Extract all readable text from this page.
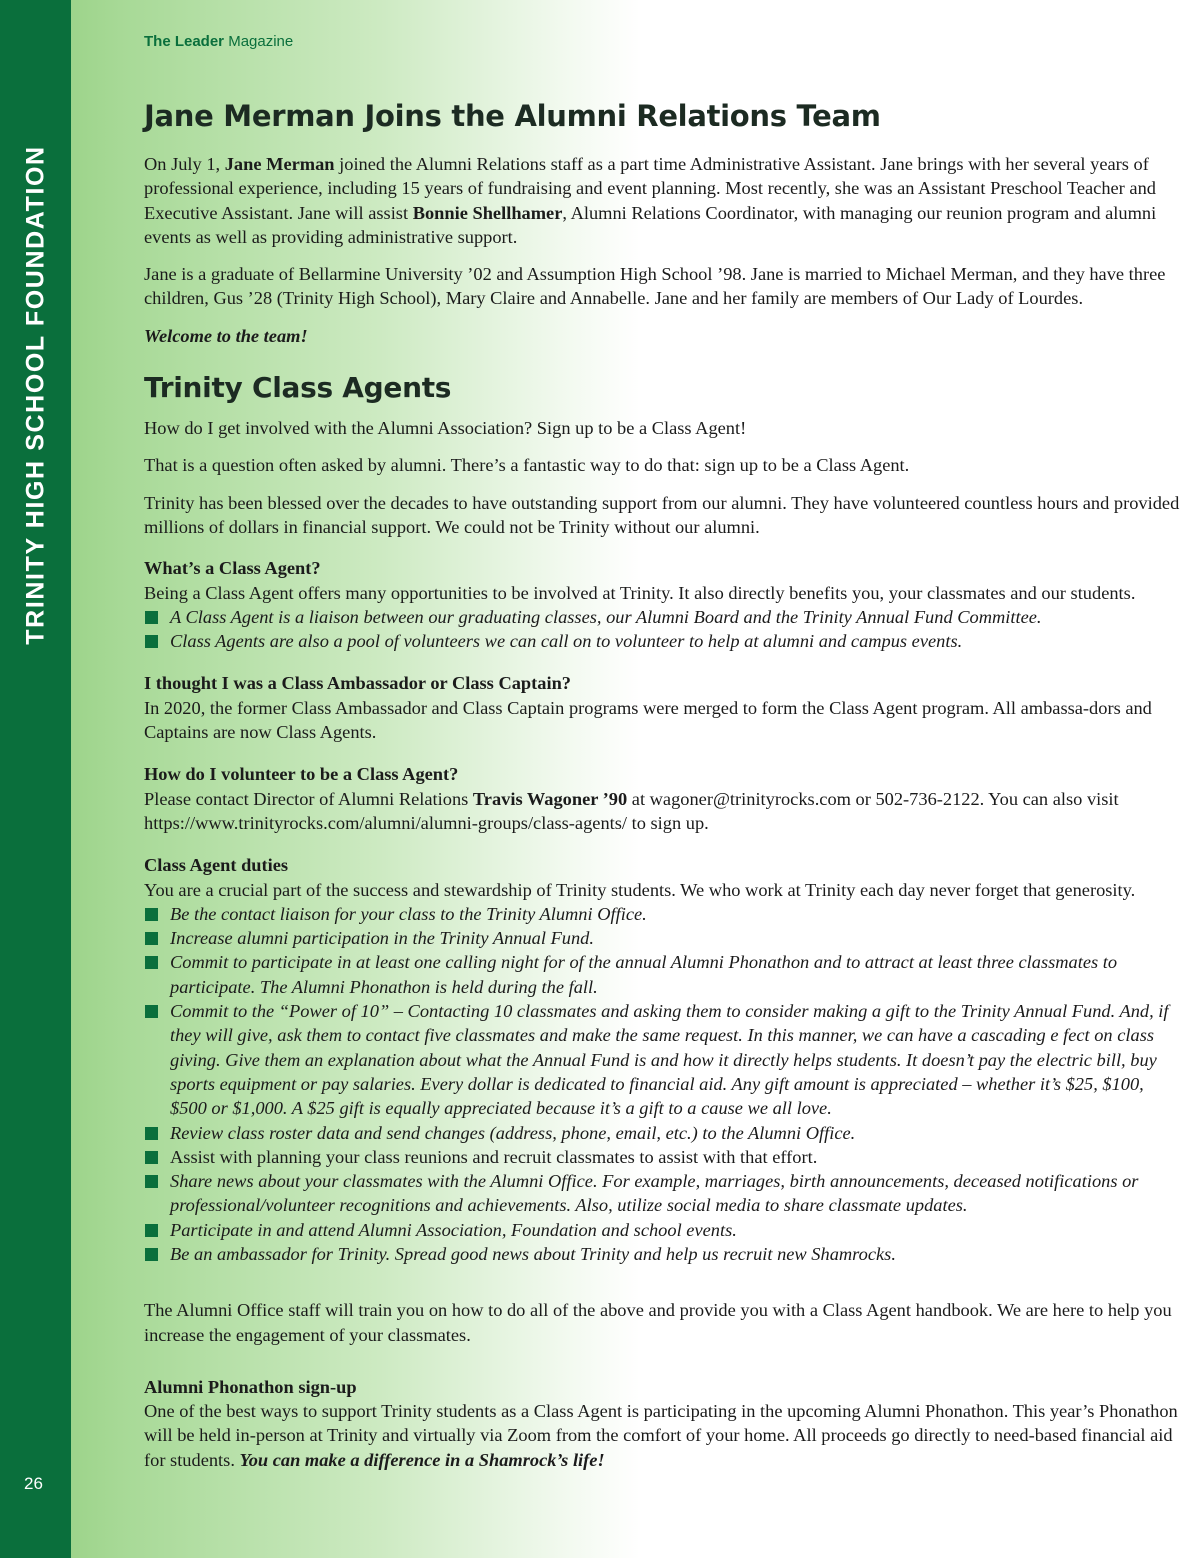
TRINITY HIGH SCHOOL FOUNDATION
26
The Leader Magazine
Jane Merman Joins the Alumni Relations Team

On July 1, Jane Merman joined the Alumni Relations staff as a part time Administrative Assistant. Jane brings with her several years of professional experience, including 15 years of fundraising and event planning. Most recently, she was an Assistant Preschool Teacher and Executive Assistant. Jane will assist Bonnie Shellhamer, Alumni Relations Coordinator, with managing our reunion program and alumni events as well as providing administrative support.

Jane is a graduate of Bellarmine University ’02 and Assumption High School ’98. Jane is married to Michael Merman, and they have three children, Gus ’28 (Trinity High School), Mary Claire and Annabelle. Jane and her family are members of Our Lady of Lourdes.

Welcome to the team!

Trinity Class Agents

How do I get involved with the Alumni Association? Sign up to be a Class Agent!

That is a question often asked by alumni. There’s a fantastic way to do that: sign up to be a Class Agent.

Trinity has been blessed over the decades to have outstanding support from our alumni. They have volunteered countless hours and provided millions of dollars in financial support. We could not be Trinity without our alumni.

What’s a Class Agent?
Being a Class Agent offers many opportunities to be involved at Trinity. It also directly benefits you, your classmates and our students.
A Class Agent is a liaison between our graduating classes, our Alumni Board and the Trinity Annual Fund Committee.
Class Agents are also a pool of volunteers we can call on to volunteer to help at alumni and campus events.
I thought I was a Class Ambassador or Class Captain?
In 2020, the former Class Ambassador and Class Captain programs were merged to form the Class Agent program. All ambassa-dors and Captains are now Class Agents.
How do I volunteer to be a Class Agent?
Please contact Director of Alumni Relations Travis Wagoner ’90 at wagoner@trinityrocks.com or 502-736-2122. You can also visit https://www.trinityrocks.com/alumni/alumni-groups/class-agents/ to sign up.
Class Agent duties
You are a crucial part of the success and stewardship of Trinity students. We who work at Trinity each day never forget that generosity.
Be the contact liaison for your class to the Trinity Alumni Office.
Increase alumni participation in the Trinity Annual Fund.
Commit to participate in at least one calling night for of the annual Alumni Phonathon and to attract at least three classmates to participate. The Alumni Phonathon is held during the fall.
Commit to the “Power of 10” – Contacting 10 classmates and asking them to consider making a gift to the Trinity Annual Fund. And, if they will give, ask them to contact five classmates and make the same request. In this manner, we can have a cascading e fect on class giving. Give them an explanation about what the Annual Fund is and how it directly helps students. It doesn’t pay the electric bill, buy sports equipment or pay salaries. Every dollar is dedicated to financial aid. Any gift amount is appreciated – whether it’s $25, $100, $500 or $1,000. A $25 gift is equally appreciated because it’s a gift to a cause we all love.
Review class roster data and send changes (address, phone, email, etc.) to the Alumni Office.
Assist with planning your class reunions and recruit classmates to assist with that effort.
Share news about your classmates with the Alumni Office. For example, marriages, birth announcements, deceased notifications or professional/volunteer recognitions and achievements. Also, utilize social media to share classmate updates.
Participate in and attend Alumni Association, Foundation and school events.
Be an ambassador for Trinity. Spread good news about Trinity and help us recruit new Shamrocks.

The Alumni Office staff will train you on how to do all of the above and provide you with a Class Agent handbook. We are here to help you increase the engagement of your classmates.

Alumni Phonathon sign-up
One of the best ways to support Trinity students as a Class Agent is participating in the upcoming Alumni Phonathon. This year’s Phonathon will be held in-person at Trinity and virtually via Zoom from the comfort of your home. All proceeds go directly to need-based financial aid for students. You can make a difference in a Shamrock’s life!
